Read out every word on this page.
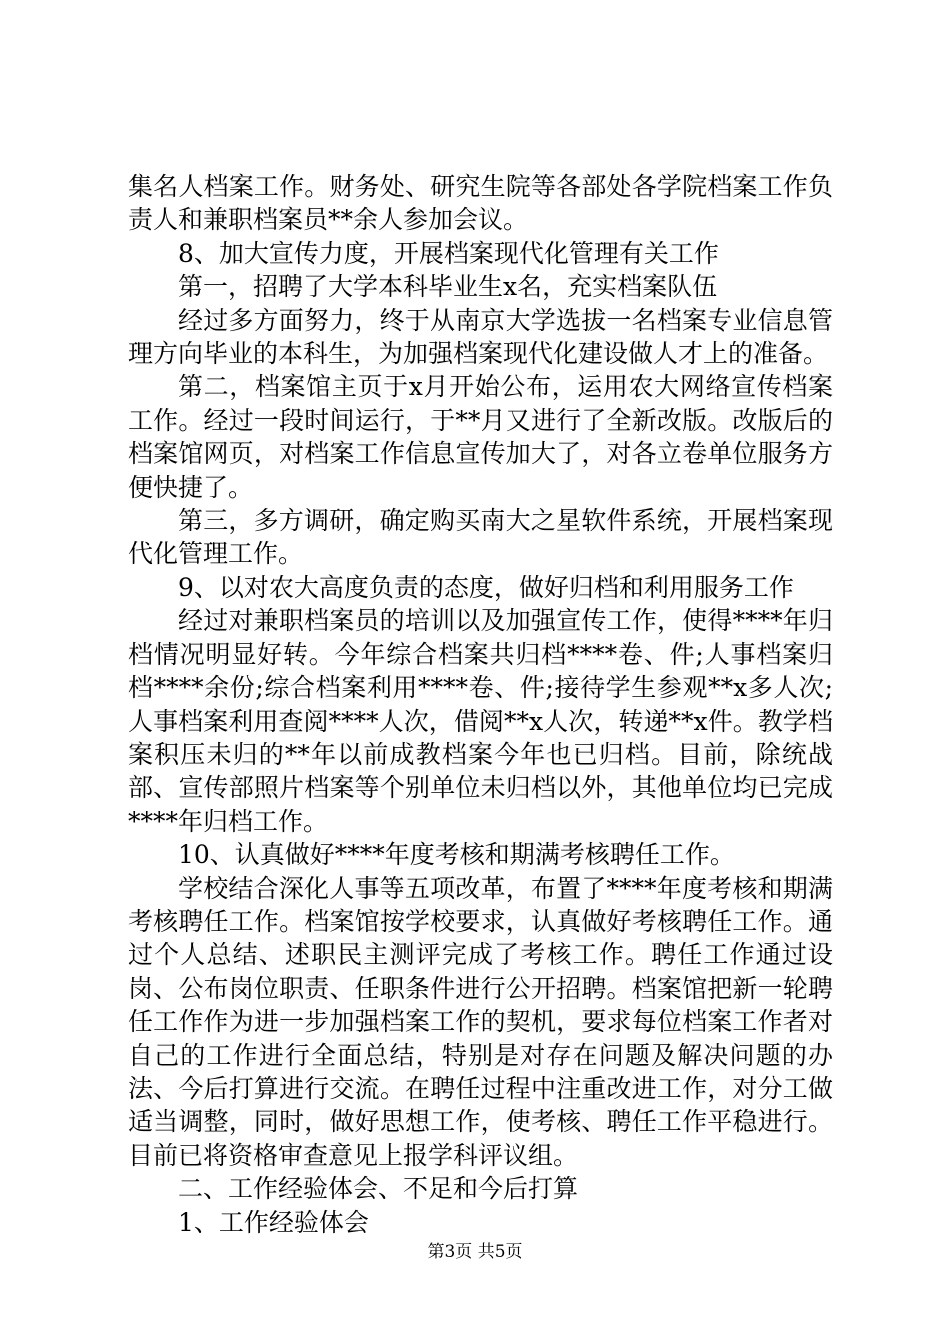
集名人档案工作。财务处、研究生院等各部处各学院档案工作负责人和兼职档案员**余人参加会议。

8、加大宣传力度，开展档案现代化管理有关工作

第一，招聘了大学本科毕业生x名，充实档案队伍

经过多方面努力，终于从南京大学选拔一名档案专业信息管理方向毕业的本科生，为加强档案现代化建设做人才上的准备。

第二，档案馆主页于x月开始公布，运用农大网络宣传档案工作。经过一段时间运行，于**月又进行了全新改版。改版后的档案馆网页，对档案工作信息宣传加大了，对各立卷单位服务方便快捷了。

第三，多方调研，确定购买南大之星软件系统，开展档案现代化管理工作。

9、以对农大高度负责的态度，做好归档和利用服务工作

经过对兼职档案员的培训以及加强宣传工作，使得****年归档情况明显好转。今年综合档案共归档****卷、件;人事档案归档****余份;综合档案利用****卷、件;接待学生参观**x多人次;人事档案利用查阅****人次，借阅**x人次，转递**x件。教学档案积压未归的**年以前成教档案今年也已归档。目前，除统战部、宣传部照片档案等个别单位未归档以外，其他单位均已完成****年归档工作。

10、认真做好****年度考核和期满考核聘任工作。

学校结合深化人事等五项改革，布置了****年度考核和期满考核聘任工作。档案馆按学校要求，认真做好考核聘任工作。通过个人总结、述职民主测评完成了考核工作。聘任工作通过设岗、公布岗位职责、任职条件进行公开招聘。档案馆把新一轮聘任工作作为进一步加强档案工作的契机，要求每位档案工作者对自己的工作进行全面总结，特别是对存在问题及解决问题的办法、今后打算进行交流。在聘任过程中注重改进工作，对分工做适当调整，同时，做好思想工作，使考核、聘任工作平稳进行。目前已将资格审查意见上报学科评议组。

二、工作经验体会、不足和今后打算

1、工作经验体会

第3页 共5页
